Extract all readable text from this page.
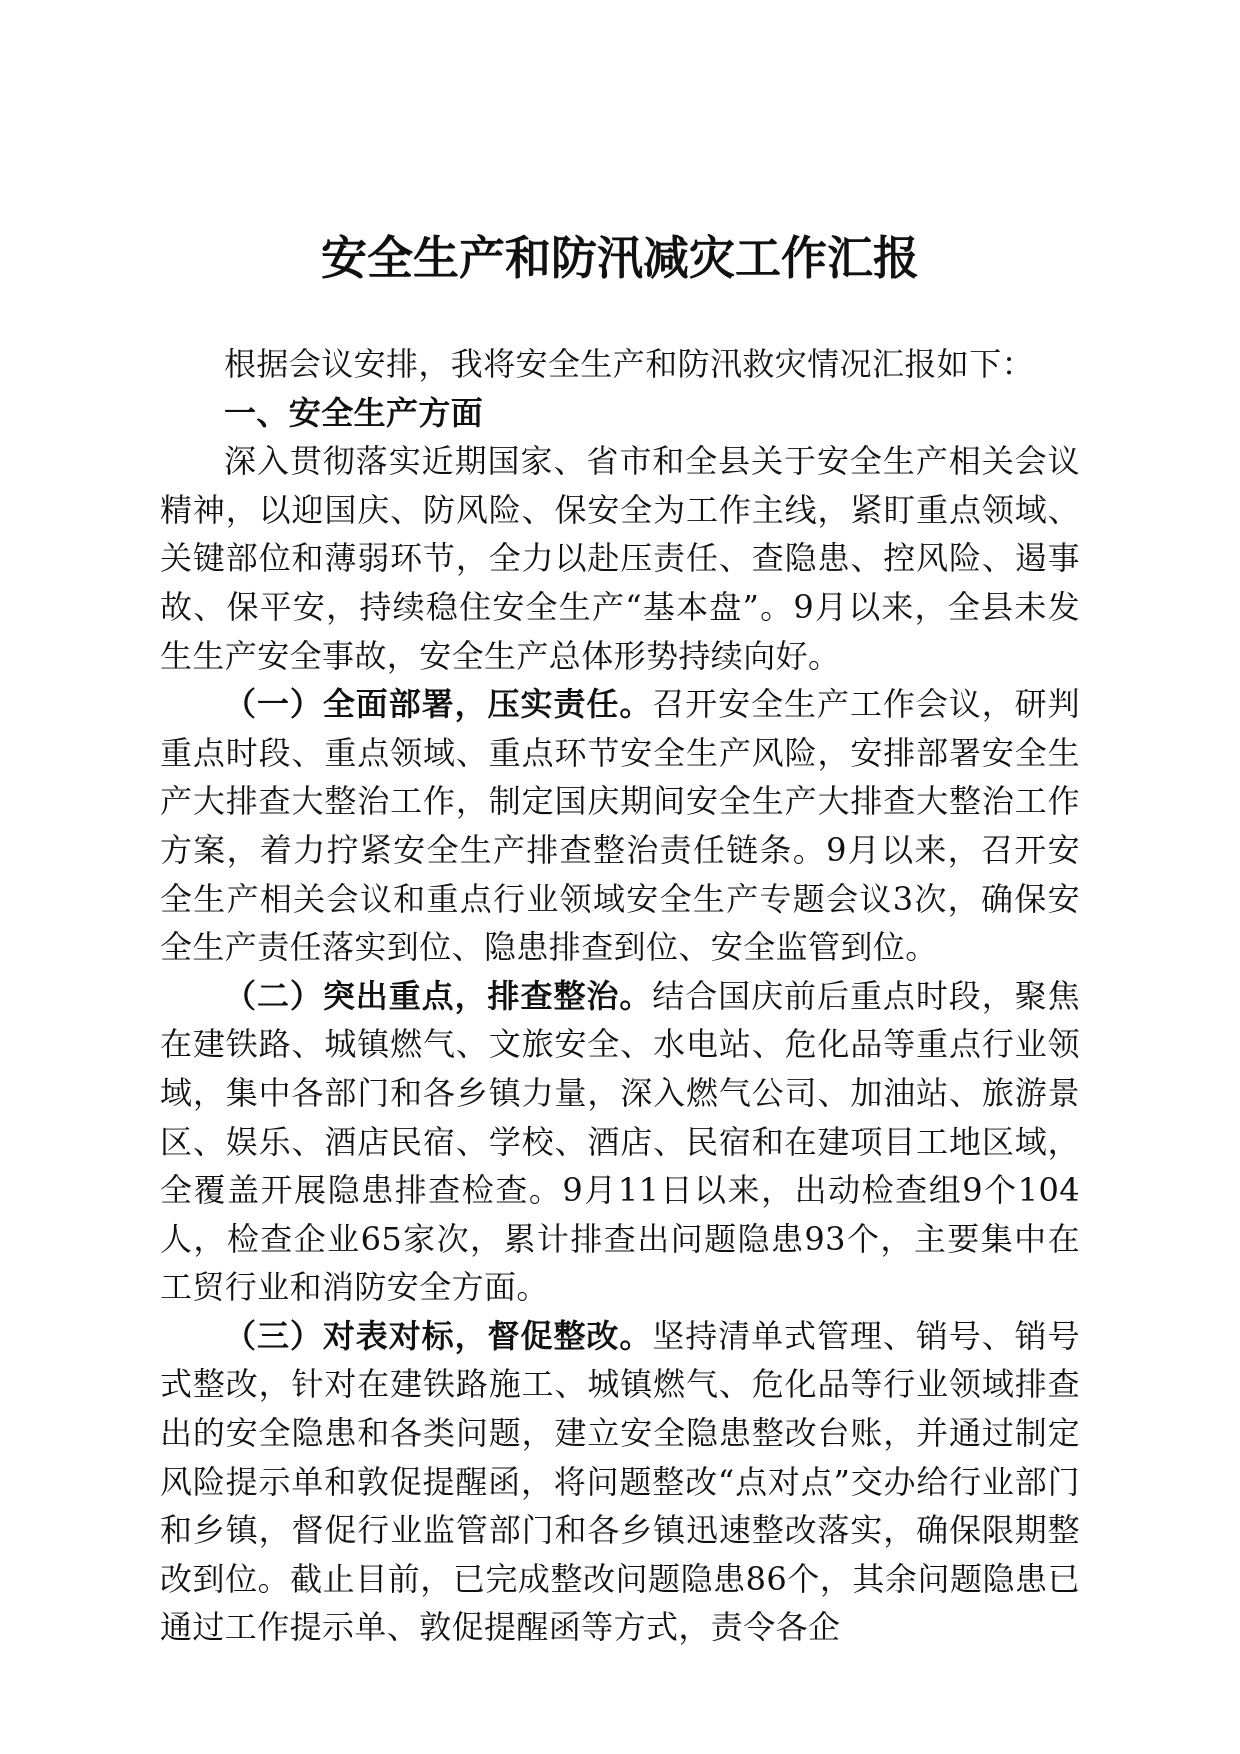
安全生产和防汛减灾工作汇报

根据会议安排，我将安全生产和防汛救灾情况汇报如下：

一、安全生产方面

深入贯彻落实近期国家、省市和全县关于安全生产相关会议精神，以迎国庆、防风险、保安全为工作主线，紧盯重点领域、关键部位和薄弱环节，全力以赴压责任、查隐患、控风险、遏事故、保平安，持续稳住安全生产“基本盘”。9月以来，全县未发生生产安全事故，安全生产总体形势持续向好。

（一）全面部署，压实责任。召开安全生产工作会议，研判重点时段、重点领域、重点环节安全生产风险，安排部署安全生产大排查大整治工作，制定国庆期间安全生产大排查大整治工作方案，着力拧紧安全生产排查整治责任链条。9月以来，召开安全生产相关会议和重点行业领域安全生产专题会议3次，确保安全生产责任落实到位、隐患排查到位、安全监管到位。

（二）突出重点，排查整治。结合国庆前后重点时段，聚焦在建铁路、城镇燃气、文旅安全、水电站、危化品等重点行业领域，集中各部门和各乡镇力量，深入燃气公司、加油站、旅游景区、娱乐、酒店民宿、学校、酒店、民宿和在建项目工地区域，全覆盖开展隐患排查检查。9月11日以来，出动检查组9个104人，检查企业65家次，累计排查出问题隐患93个，主要集中在工贸行业和消防安全方面。

（三）对表对标，督促整改。坚持清单式管理、销号、销号式整改，针对在建铁路施工、城镇燃气、危化品等行业领域排查出的安全隐患和各类问题，建立安全隐患整改台账，并通过制定风险提示单和敦促提醒函，将问题整改“点对点”交办给行业部门和乡镇，督促行业监管部门和各乡镇迅速整改落实，确保限期整改到位。截止目前，已完成整改问题隐患86个，其余问题隐患已通过工作提示单、敦促提醒函等方式，责令各企
